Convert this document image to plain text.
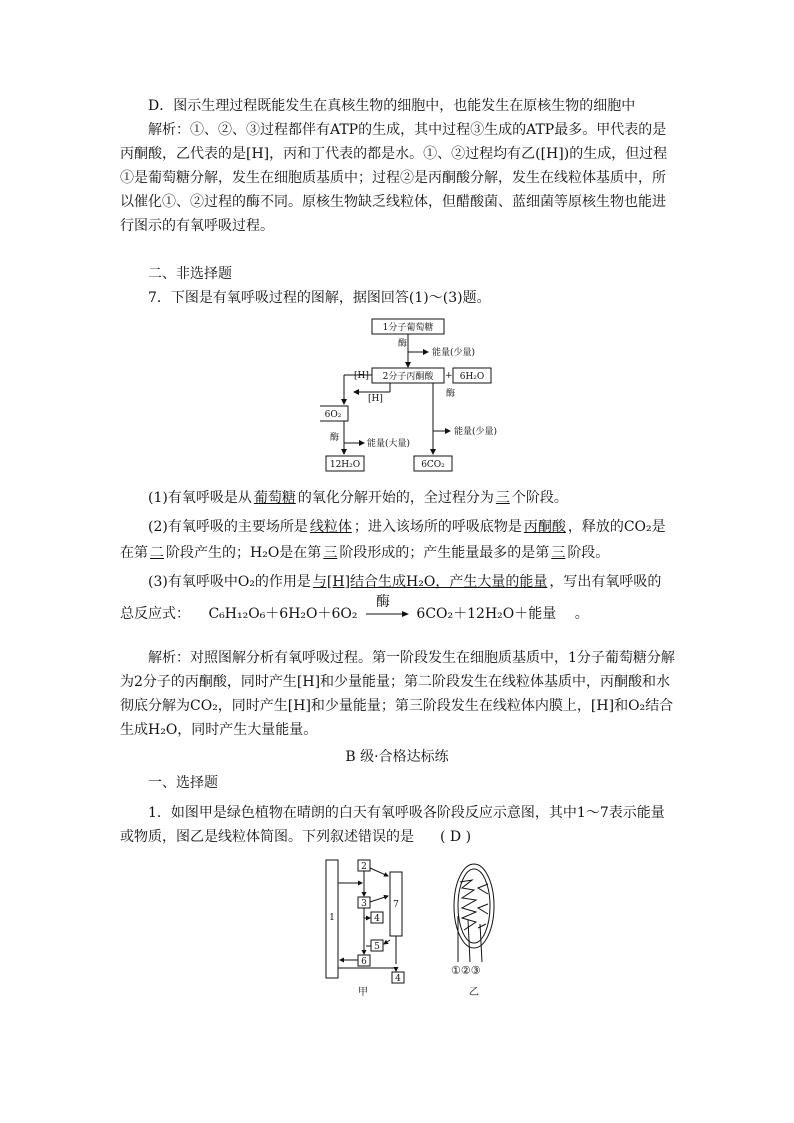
D．图示生理过程既能发生在真核生物的细胞中，也能发生在原核生物的细胞中

解析：①、②、③过程都伴有ATP的生成，其中过程③生成的ATP最多。甲代表的是丙酮酸，乙代表的是[H]，丙和丁代表的都是水。①、②过程均有乙([H])的生成，但过程①是葡萄糖分解，发生在细胞质基质中；过程②是丙酮酸分解，发生在线粒体基质中，所以催化①、②过程的酶不同。原核生物缺乏线粒体，但醋酸菌、蓝细菌等原核生物也能进行图示的有氧呼吸过程。

二、非选择题
7．下图是有氧呼吸过程的图解，据图回答(1)～(3)题。
1分子葡萄糖
酶
能量(少量)
2分子丙酮酸 + 6H₂O
[H]
[H]	酶
能量(少量)
6O₂
酶
能量(大量)
12H₂O	6CO₂

(1)有氧呼吸是从 葡萄糖 的氧化分解开始的，全过程分为 三 个阶段。

(2)有氧呼吸的主要场所是 线粒体 ；进入该场所的呼吸底物是 丙酮酸 ，释放的CO₂是在第 二 阶段产生的；H₂O是在第 三 阶段形成的；产生能量最多的是第 三 阶段。

(3)有氧呼吸中O₂的作用是 与[H]结合生成H₂O，产生大量的能量 ，写出有氧呼吸的

总反应式： C₆H₁₂O₆＋6H₂O＋6O₂
酶
6CO₂＋12H₂O＋能量 。

解析：对照图解分析有氧呼吸过程。第一阶段发生在细胞质基质中，1分子葡萄糖分解为2分子的丙酮酸，同时产生[H]和少量能量；第二阶段发生在线粒体基质中，丙酮酸和水彻底分解为CO₂，同时产生[H]和少量能量；第三阶段发生在线粒体内膜上，[H]和O₂结合生成H₂O，同时产生大量能量。

B 级·合格达标练
一、选择题

1．如图甲是绿色植物在晴朗的白天有氧呼吸各阶段反应示意图，其中1～7表示能量或物质，图乙是线粒体简图。下列叙述错误的是 ( D )

1
7
2
3
4
5
6
4
甲
①②③
乙
